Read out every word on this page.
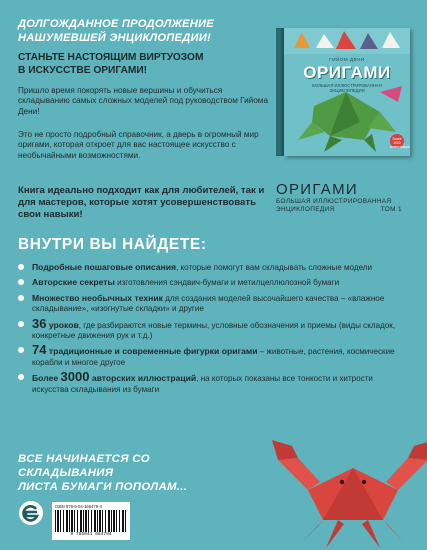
ДОЛГОЖДАННОЕ ПРОДОЛЖЕНИЕ
НАШУМЕВШЕЙ ЭНЦИКЛОПЕДИИ!
СТАНЬТЕ НАСТОЯЩИМ ВИРТУОЗОМ
В ИСКУССТВЕ ОРИГАМИ!
Пришло время покорять новые вершины и обучиться складыванию самых сложных моделей под руководством Гийома Дени!
Это не просто подробный справочник, а дверь в огромный мир оригами, которая откроет для вас настоящее искусство с необычайными возможностями.
Книга идеально подходит как для любителей, так и для мастеров, которые хотят усовершенствовать свои навыки!
ГИЙОМ ДЕНИ
ОРИГАМИ
БОЛЬШАЯ ИЛЛЮСТРИРОВАННАЯ ЭНЦИКЛОПЕДИЯ
более 2000 иллюстраций
ОРИГАМИ
БОЛЬШАЯ ИЛЛЮСТРИРОВАННАЯ
ЭНЦИКЛОПЕДИЯ	ТОМ 1
ВНУТРИ ВЫ НАЙДЕТЕ:
Подробные пошаговые описания, которые помогут вам складывать сложные модели
Авторские секреты изготовления сэндвич-бумаги и метилцеллюлозной бумаги
Множество необычных техник для создания моделей высочайшего качества – «влажное складывание», «изогнутые складки» и другие
36 уроков, где разбираются новые термины, условные обозначения и приемы (виды складок, конкретные движения рук и т.д.)
74 традиционные и современные фигурки оригами – животные, растения, космические корабли и многое другое
Более 3000 авторских иллюстраций, на которых показаны все тонкости и хитрости искусства складывания из бумаги
ВСЕ НАЧИНАЕТСЯ СО СКЛАДЫВАНИЯ
ЛИСТА БУМАГИ ПОПОЛАМ...
ISBN 978-5-04-166479-4
9 785041 664794
